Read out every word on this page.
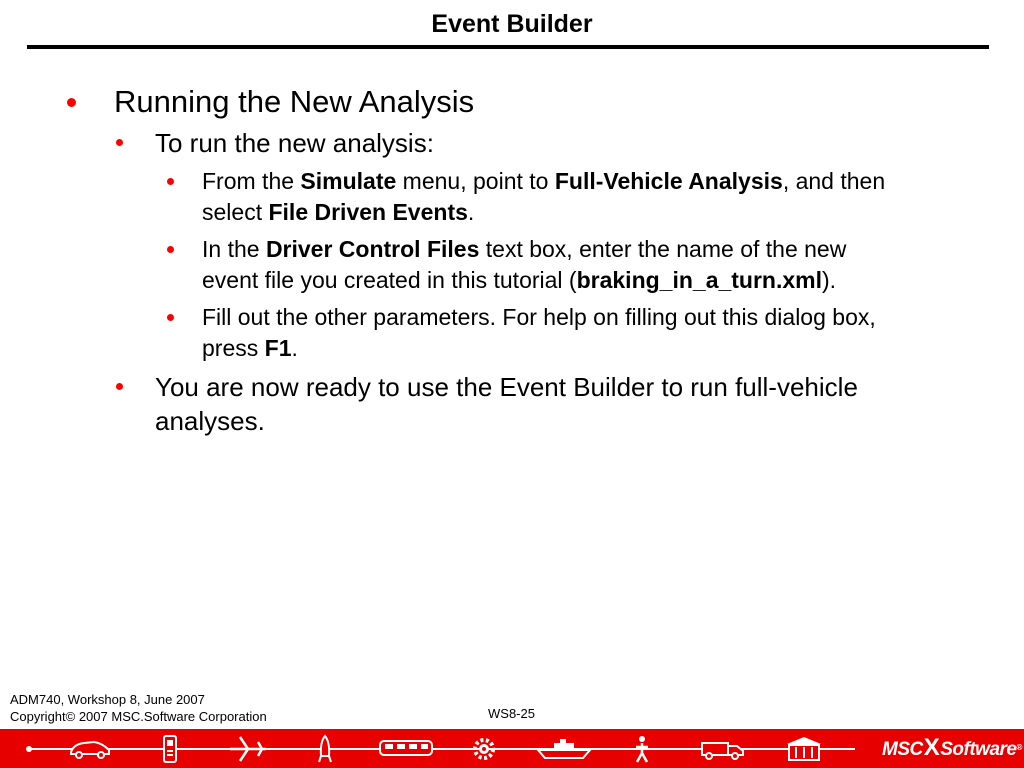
Event Builder
Running the New Analysis
To run the new analysis:
From the Simulate menu, point to Full-Vehicle Analysis, and then
select File Driven Events.
In the Driver Control Files text box, enter the name of the new
event file you created in this tutorial (braking_in_a_turn.xml).
Fill out the other parameters. For help on filling out this dialog box,
press F1.
You are now ready to use the Event Builder to run full-vehicle
analyses.
ADM740, Workshop 8, June 2007
Copyright© 2007 MSC.Software Corporation	WS8-25
MSCXSoftware®
